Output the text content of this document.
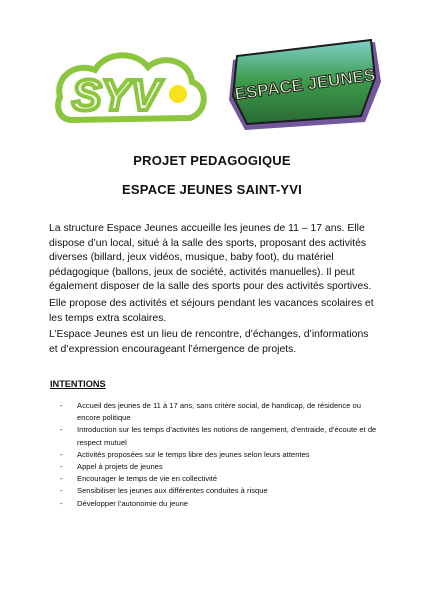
SYV	ESPACE JEUNES
PROJET PEDAGOGIQUE
ESPACE JEUNES SAINT-YVI

La structure Espace Jeunes accueille les jeunes de 11 – 17 ans. Elle dispose d’un local, situé à la salle des sports, proposant des activités diverses (billard, jeux vidéos, musique, baby foot), du matériel pédagogique (ballons, jeux de société, activités manuelles). Il peut également disposer de la salle des sports pour des activités sportives.

Elle propose des activités et séjours pendant les vacances scolaires et les temps extra scolaires.

L’Espace Jeunes est un lieu de rencontre, d’échanges, d’informations et d’expression encourageant l’émergence de projets.

INTENTIONS
- Accueil des jeunes de 11 à 17 ans, sans critère social, de handicap, de résidence ou encore politique
- Introduction sur les temps d’activités les notions de rangement, d’entraide, d’écoute et de respect mutuel
- Activités proposées sur le temps libre des jeunes selon leurs attentes
- Appel à projets de jeunes
- Encourager le temps de vie en collectivité
- Sensibiliser les jeunes aux différentes conduites à risque
- Développer l’autonomie du jeune
